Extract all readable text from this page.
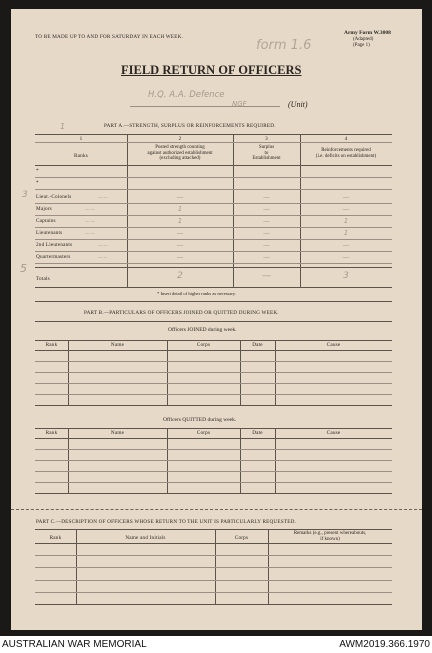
TO BE MADE UP TO AND FOR SATURDAY IN EACH WEEK.
Army Form W.3008
(Adapted)
(Page 1)
form 1.6
FIELD RETURN OF OFFICERS
H.Q. A.A. Defence
NGF	(Unit)
PART A.—STRENGTH, SURPLUS OR REINFORCEMENTS REQUIRED.
1	2	3	4
Ranks
Posted strength counting
against authorized establishment
(excluding attached)
Surplus
to
Establishment
Reinforcements required
(i.e. deficits on establishment)
*
*
Lieut.-Colonels	—	—	—
— —
Majors	1	—	—
— —
Captains	1	—	1
— —
Lieutenants	—	—	1
— —
2nd Lieutenants	—	—	—
— —
Quartermasters	—	—	—
— —
Totals	2	—	3
* Insert detail of higher ranks as necessary.
PART B.—PARTICULARS OF OFFICERS JOINED OR QUITTED DURING WEEK.
Officers JOINED during week.
Rank	Name	Corps	Date	Cause
Officers QUITTED during week.
Rank	Name	Corps	Date	Cause
PART C.—DESCRIPTION OF OFFICERS WHOSE RETURN TO THE UNIT IS PARTICULARLY REQUESTED.
Rank	Name and Initials	Corps
Remarks (e.g., present whereabouts,
if known)
3
5
1
AUSTRALIAN WAR MEMORIAL	AWM2019.366.1970
